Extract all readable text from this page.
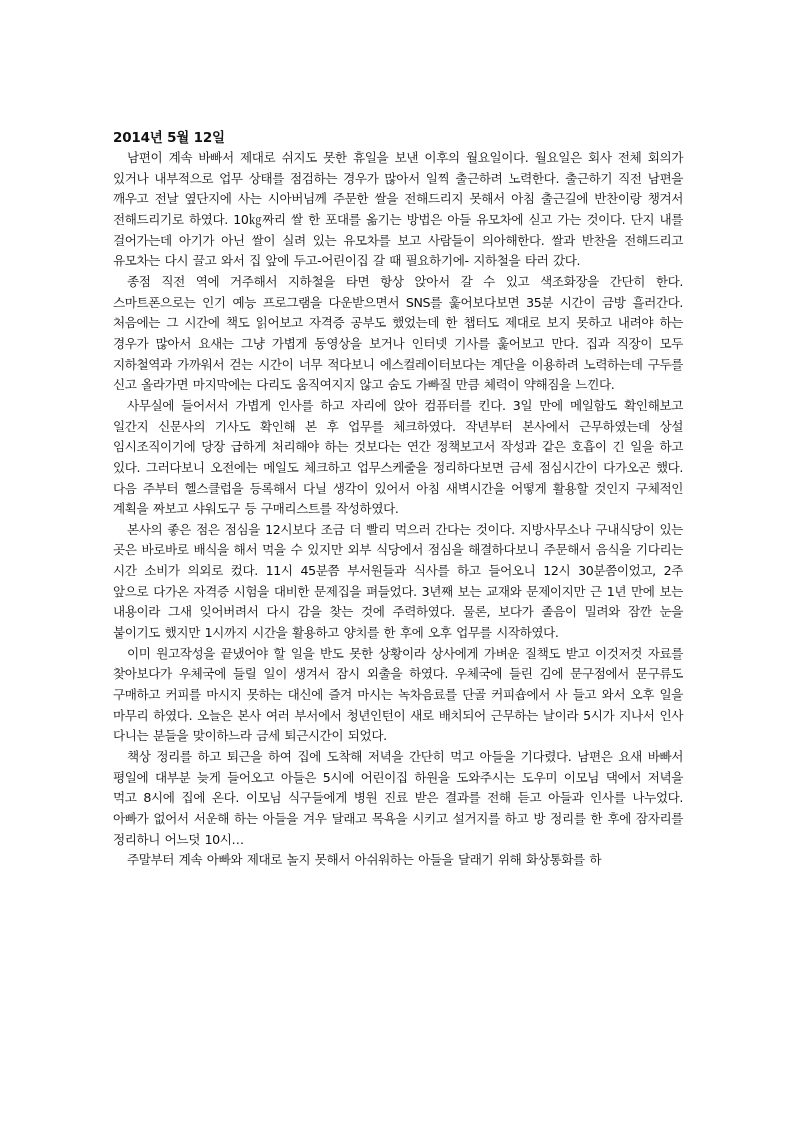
2014년 5월 12일

남편이 계속 바빠서 제대로 쉬지도 못한 휴일을 보낸 이후의 월요일이다. 월요일은 회사 전체 회의가 있거나 내부적으로 업무 상태를 점검하는 경우가 많아서 일찍 출근하려 노력한다. 출근하기 직전 남편을 깨우고 전날 옆단지에 사는 시아버님께 주문한 쌀을 전해드리지 못해서 아침 출근길에 반찬이랑 챙겨서 전해드리기로 하였다. 10㎏짜리 쌀 한 포대를 옮기는 방법은 아들 유모차에 싣고 가는 것이다. 단지 내를 걸어가는데 아기가 아닌 쌀이 실려 있는 유모차를 보고 사람들이 의아해한다. 쌀과 반찬을 전해드리고 유모차는 다시 끌고 와서 집 앞에 두고-어린이집 갈 때 필요하기에- 지하철을 타러 갔다.

종점 직전 역에 거주해서 지하철을 타면 항상 앉아서 갈 수 있고 색조화장을 간단히 한다. 스마트폰으로는 인기 예능 프로그램을 다운받으면서 SNS를 훑어보다보면 35분 시간이 금방 흘러간다. 처음에는 그 시간에 책도 읽어보고 자격증 공부도 했었는데 한 챕터도 제대로 보지 못하고 내려야 하는 경우가 많아서 요새는 그냥 가볍게 동영상을 보거나 인터넷 기사를 훑어보고 만다. 집과 직장이 모두 지하철역과 가까워서 걷는 시간이 너무 적다보니 에스컬레이터보다는 계단을 이용하려 노력하는데 구두를 신고 올라가면 마지막에는 다리도 움직여지지 않고 숨도 가빠질 만큼 체력이 약해짐을 느낀다.

사무실에 들어서서 가볍게 인사를 하고 자리에 앉아 컴퓨터를 킨다. 3일 만에 메일함도 확인해보고 일간지 신문사의 기사도 확인해 본 후 업무를 체크하였다. 작년부터 본사에서 근무하였는데 상설 임시조직이기에 당장 급하게 처리해야 하는 것보다는 연간 정책보고서 작성과 같은 호흡이 긴 일을 하고 있다. 그러다보니 오전에는 메일도 체크하고 업무스케줄을 정리하다보면 금세 점심시간이 다가오곤 했다. 다음 주부터 헬스클럽을 등록해서 다닐 생각이 있어서 아침 새벽시간을 어떻게 활용할 것인지 구체적인 계획을 짜보고 샤워도구 등 구매리스트를 작성하였다.

본사의 좋은 점은 점심을 12시보다 조금 더 빨리 먹으러 간다는 것이다. 지방사무소나 구내식당이 있는 곳은 바로바로 배식을 해서 먹을 수 있지만 외부 식당에서 점심을 해결하다보니 주문해서 음식을 기다리는 시간 소비가 의외로 컸다. 11시 45분쯤 부서원들과 식사를 하고 들어오니 12시 30분쯤이었고, 2주 앞으로 다가온 자격증 시험을 대비한 문제집을 펴들었다. 3년째 보는 교재와 문제이지만 근 1년 만에 보는 내용이라 그새 잊어버려서 다시 감을 찾는 것에 주력하였다. 물론, 보다가 졸음이 밀려와 잠깐 눈을 붙이기도 했지만 1시까지 시간을 활용하고 양치를 한 후에 오후 업무를 시작하였다.

이미 원고작성을 끝냈어야 할 일을 반도 못한 상황이라 상사에게 가벼운 질책도 받고 이것저것 자료를 찾아보다가 우체국에 들릴 일이 생겨서 잠시 외출을 하였다. 우체국에 들린 김에 문구점에서 문구류도 구매하고 커피를 마시지 못하는 대신에 즐겨 마시는 녹차음료를 단골 커피숍에서 사 들고 와서 오후 일을 마무리 하였다. 오늘은 본사 여러 부서에서 청년인턴이 새로 배치되어 근무하는 날이라 5시가 지나서 인사 다니는 분들을 맞이하느라 금세 퇴근시간이 되었다.

책상 정리를 하고 퇴근을 하여 집에 도착해 저녁을 간단히 먹고 아들을 기다렸다. 남편은 요새 바빠서 평일에 대부분 늦게 들어오고 아들은 5시에 어린이집 하원을 도와주시는 도우미 이모님 댁에서 저녁을 먹고 8시에 집에 온다. 이모님 식구들에게 병원 진료 받은 결과를 전해 듣고 아들과 인사를 나누었다. 아빠가 없어서 서운해 하는 아들을 겨우 달래고 목욕을 시키고 설거지를 하고 방 정리를 한 후에 잠자리를 정리하니 어느덧 10시…

주말부터 계속 아빠와 제대로 놀지 못해서 아쉬워하는 아들을 달래기 위해 화상통화를 하
